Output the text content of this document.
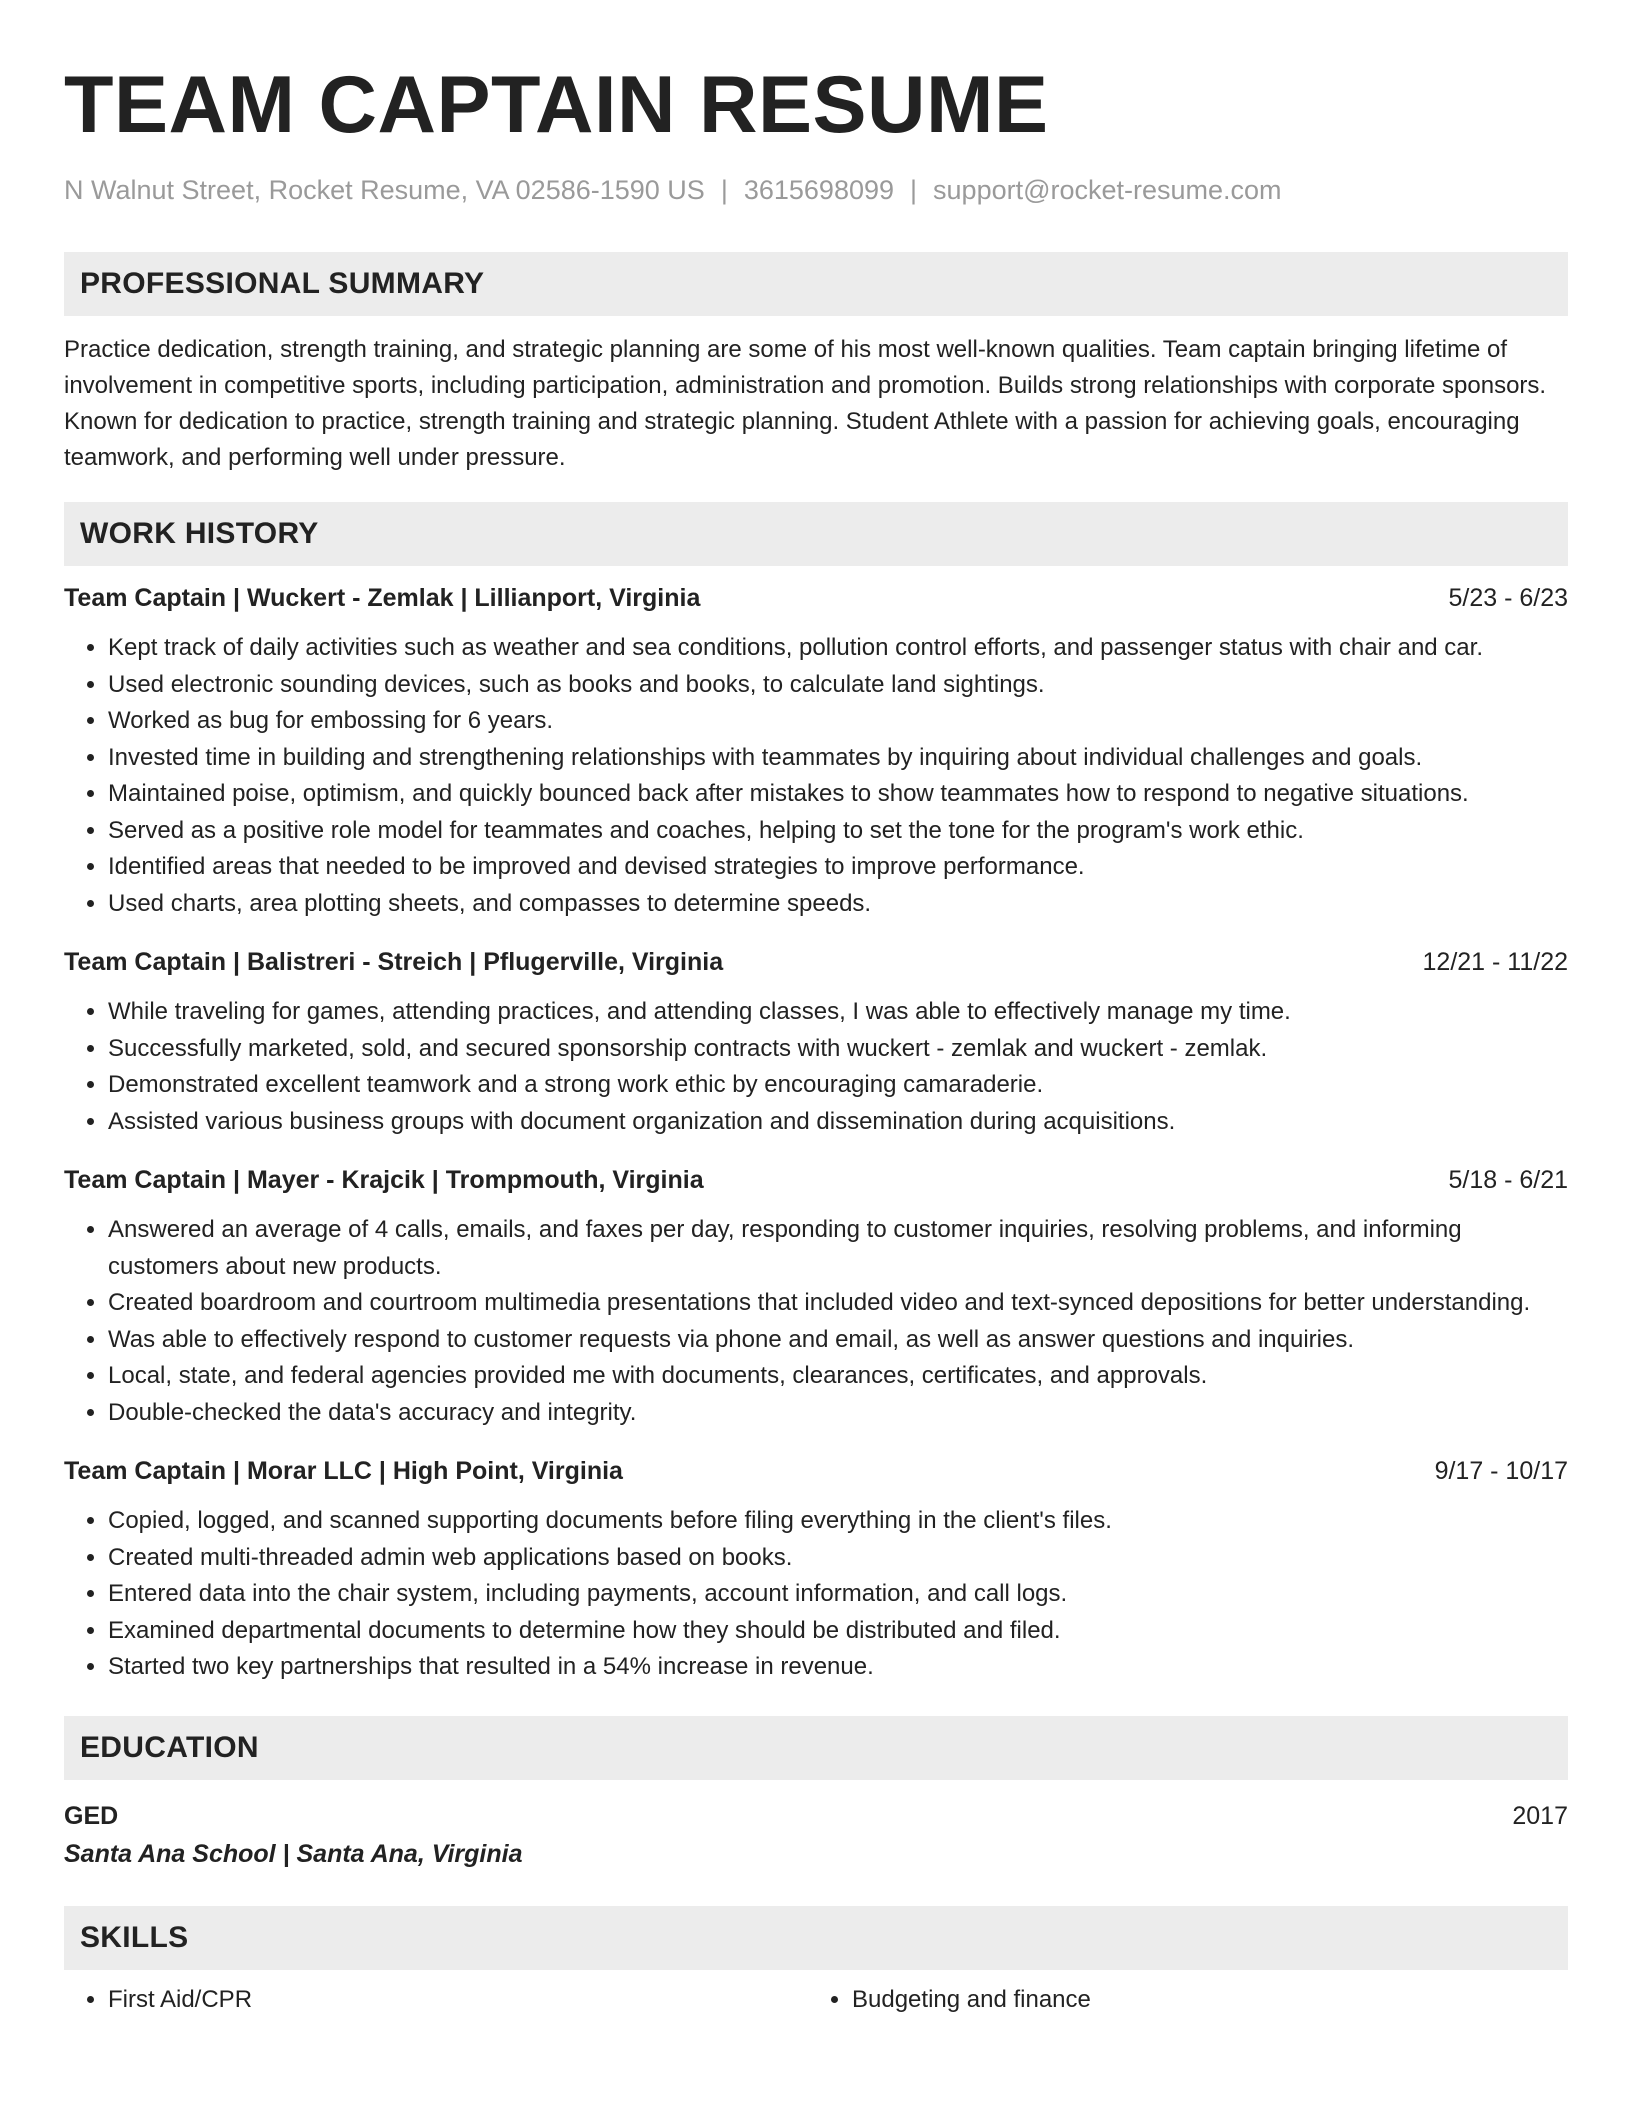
TEAM CAPTAIN RESUME
N Walnut Street, Rocket Resume, VA 02586-1590 US | 3615698099 | support@rocket-resume.com
PROFESSIONAL SUMMARY

Practice dedication, strength training, and strategic planning are some of his most well-known qualities. Team captain bringing lifetime of involvement in competitive sports, including participation, administration and promotion. Builds strong relationships with corporate sponsors. Known for dedication to practice, strength training and strategic planning. Student Athlete with a passion for achieving goals, encouraging teamwork, and performing well under pressure.

WORK HISTORY
Team Captain | Wuckert - Zemlak | Lillianport, Virginia	5/23 - 6/23
• Kept track of daily activities such as weather and sea conditions, pollution control efforts, and passenger status with chair and car.
• Used electronic sounding devices, such as books and books, to calculate land sightings.
• Worked as bug for embossing for 6 years.
• Invested time in building and strengthening relationships with teammates by inquiring about individual challenges and goals.
• Maintained poise, optimism, and quickly bounced back after mistakes to show teammates how to respond to negative situations.
• Served as a positive role model for teammates and coaches, helping to set the tone for the program's work ethic.
• Identified areas that needed to be improved and devised strategies to improve performance.
• Used charts, area plotting sheets, and compasses to determine speeds.
Team Captain | Balistreri - Streich | Pflugerville, Virginia	12/21 - 11/22
• While traveling for games, attending practices, and attending classes, I was able to effectively manage my time.
• Successfully marketed, sold, and secured sponsorship contracts with wuckert - zemlak and wuckert - zemlak.
• Demonstrated excellent teamwork and a strong work ethic by encouraging camaraderie.
• Assisted various business groups with document organization and dissemination during acquisitions.
Team Captain | Mayer - Krajcik | Trompmouth, Virginia	5/18 - 6/21
• Answered an average of 4 calls, emails, and faxes per day, responding to customer inquiries, resolving problems, and informing customers about new products.
• Created boardroom and courtroom multimedia presentations that included video and text-synced depositions for better understanding.
• Was able to effectively respond to customer requests via phone and email, as well as answer questions and inquiries.
• Local, state, and federal agencies provided me with documents, clearances, certificates, and approvals.
• Double-checked the data's accuracy and integrity.
Team Captain | Morar LLC | High Point, Virginia	9/17 - 10/17
• Copied, logged, and scanned supporting documents before filing everything in the client's files.
• Created multi-threaded admin web applications based on books.
• Entered data into the chair system, including payments, account information, and call logs.
• Examined departmental documents to determine how they should be distributed and filed.
• Started two key partnerships that resulted in a 54% increase in revenue.
EDUCATION
GED	2017
Santa Ana School | Santa Ana, Virginia
SKILLS
• First Aid/CPR
•	Budgeting and finance
